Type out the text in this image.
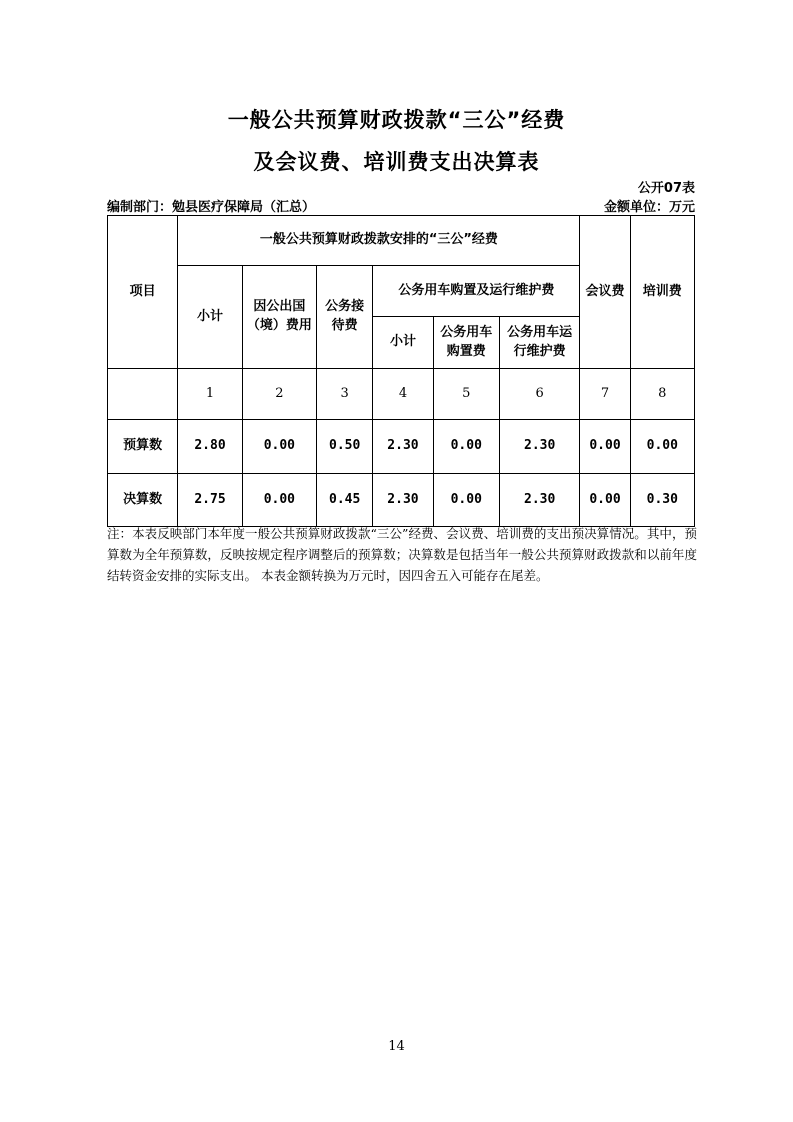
一般公共预算财政拨款“三公”经费
及会议费、培训费支出决算表
公开07表
编制部门：勉县医疗保障局（汇总）	金额单位：万元
项目	一般公共预算财政拨款安排的“三公”经费						会议费	培训费
	小计	因公出国（境）费用	公务接待费	公务用车购置及运行维护费				
				小计	公务用车购置费	公务用车运行维护费		

	1	2	3	4	5	6	7	8
预算数	2.80	0.00	0.50	2.30	0.00	2.30	0.00	0.00
决算数	2.75	0.00	0.45	2.30	0.00	2.30	0.00	0.30
注：本表反映部门本年度一般公共预算财政拨款“三公”经费、会议费、培训费的支出预决算情况。其中，预算数为全年预算数，反映按规定程序调整后的预算数；决算数是包括当年一般公共预算财政拨款和以前年度结转资金安排的实际支出。 本表金额转换为万元时，因四舍五入可能存在尾差。
14
